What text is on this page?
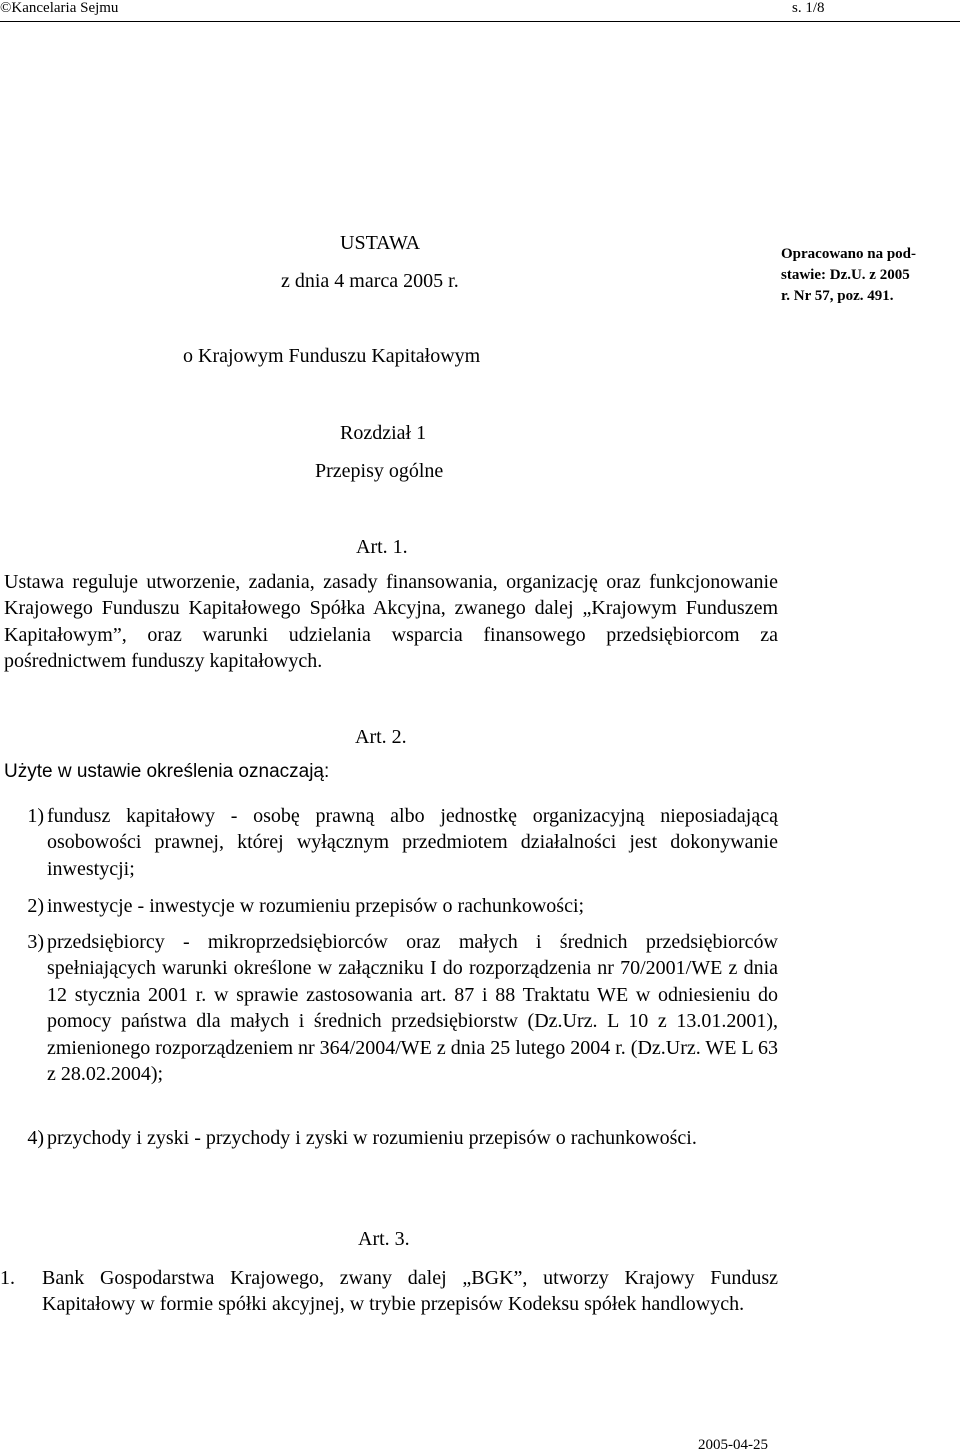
©Kancelaria Sejmu	s. 1/8
USTAWA
z dnia 4 marca 2005 r.
o Krajowym Funduszu Kapitałowym
Opracowano na pod-
stawie: Dz.U. z 2005
r. Nr 57, poz. 491.
Rozdział 1
Przepisy ogólne
Art. 1.
Ustawa reguluje utworzenie, zadania, zasady finansowania, organizację oraz funkcjonowanie Krajowego Funduszu Kapitałowego Spółka Akcyjna, zwanego dalej „Krajowym Funduszem Kapitałowym”, oraz warunki udzielania wsparcia finansowego przedsiębiorcom za pośrednictwem funduszy kapitałowych.
Art. 2.
Użyte w ustawie określenia oznaczają:
1) fundusz kapitałowy - osobę prawną albo jednostkę organizacyjną nieposiadającą osobowości prawnej, której wyłącznym przedmiotem działalności jest dokonywanie inwestycji;
2) inwestycje - inwestycje w rozumieniu przepisów o rachunkowości;
3) przedsiębiorcy - mikroprzedsiębiorców oraz małych i średnich przedsiębiorców spełniających warunki określone w załączniku I do rozporządzenia nr 70/2001/WE z dnia 12 stycznia 2001 r. w sprawie zastosowania art. 87 i 88 Traktatu WE w odniesieniu do pomocy państwa dla małych i średnich przedsiębiorstw (Dz.Urz. L 10 z 13.01.2001), zmienionego rozporządzeniem nr 364/2004/WE z dnia 25 lutego 2004 r. (Dz.Urz. WE L 63 z 28.02.2004);
4) przychody i zyski - przychody i zyski w rozumieniu przepisów o rachunkowości.
Art. 3.
1. Bank Gospodarstwa Krajowego, zwany dalej „BGK”, utworzy Krajowy Fundusz Kapitałowy w formie spółki akcyjnej, w trybie przepisów Kodeksu spółek handlowych.
2005-04-25
